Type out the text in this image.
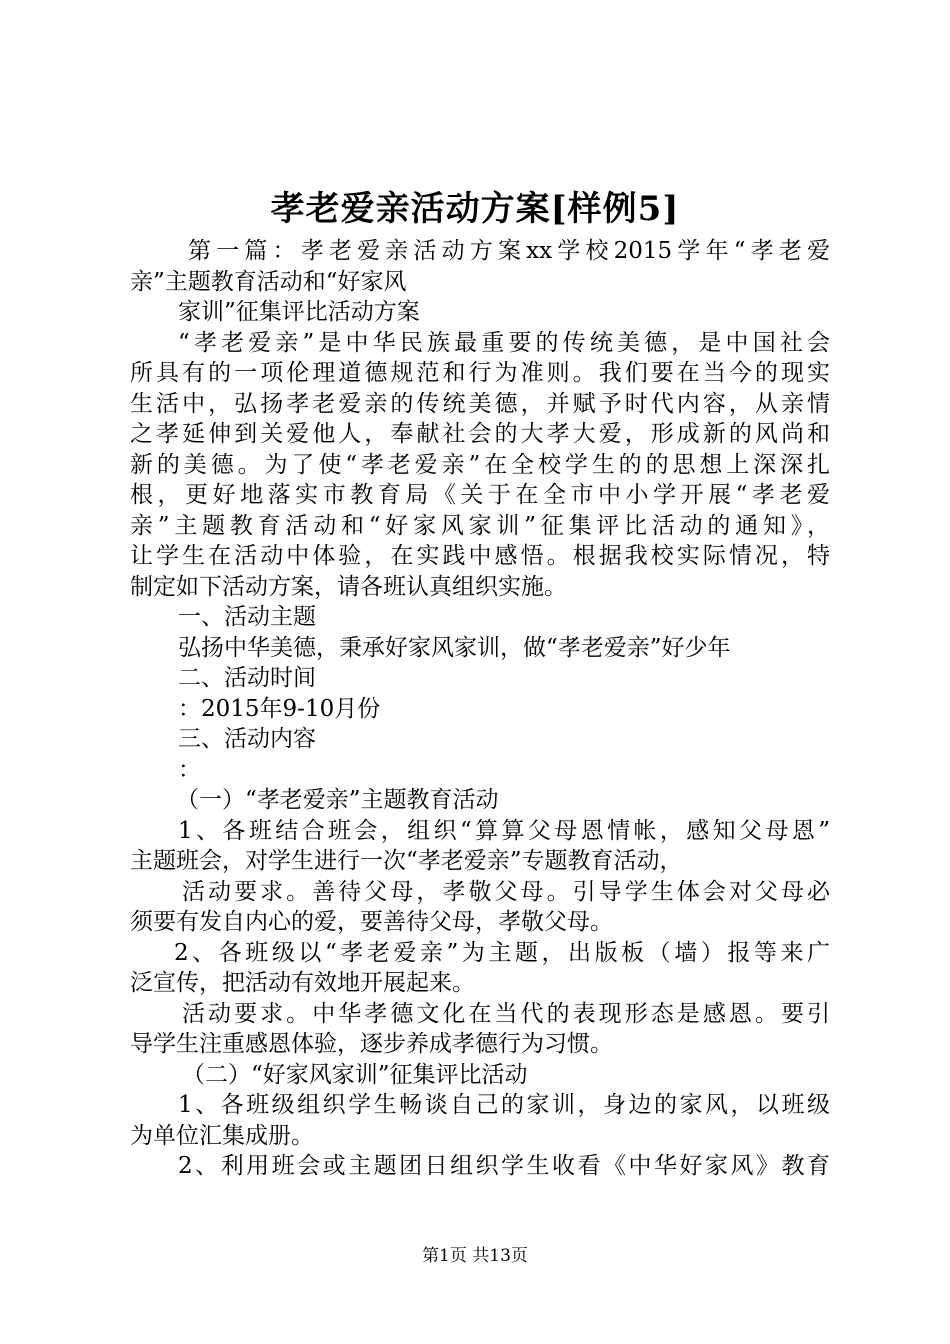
孝老爱亲活动方案[样例5]
第一篇：孝老爱亲活动方案xx学校2015学年“孝老爱
亲”主题教育活动和“好家风
家训”征集评比活动方案
“孝老爱亲”是中华民族最重要的传统美德，是中国社会
所具有的一项伦理道德规范和行为准则。我们要在当今的现实
生活中，弘扬孝老爱亲的传统美德，并赋予时代内容，从亲情
之孝延伸到关爱他人，奉献社会的大孝大爱，形成新的风尚和
新的美德。为了使“孝老爱亲”在全校学生的的思想上深深扎
根，更好地落实市教育局《关于在全市中小学开展“孝老爱
亲”主题教育活动和“好家风家训”征集评比活动的通知》，
让学生在活动中体验，在实践中感悟。根据我校实际情况，特
制定如下活动方案，请各班认真组织实施。
一、活动主题
弘扬中华美德，秉承好家风家训，做“孝老爱亲”好少年
二、活动时间
：2015年9-10月份
三、活动内容
：
（一）“孝老爱亲”主题教育活动
1、各班结合班会，组织“算算父母恩情帐，感知父母恩”
主题班会，对学生进行一次“孝老爱亲”专题教育活动，
活动要求。善待父母，孝敬父母。引导学生体会对父母必
须要有发自内心的爱，要善待父母，孝敬父母。
2、各班级以“孝老爱亲”为主题，出版板（墙）报等来广
泛宣传，把活动有效地开展起来。
活动要求。中华孝德文化在当代的表现形态是感恩。要引
导学生注重感恩体验，逐步养成孝德行为习惯。
（二）“好家风家训”征集评比活动
1、各班级组织学生畅谈自己的家训，身边的家风，以班级
为单位汇集成册。
2、利用班会或主题团日组织学生收看《中华好家风》教育
第1页 共13页
